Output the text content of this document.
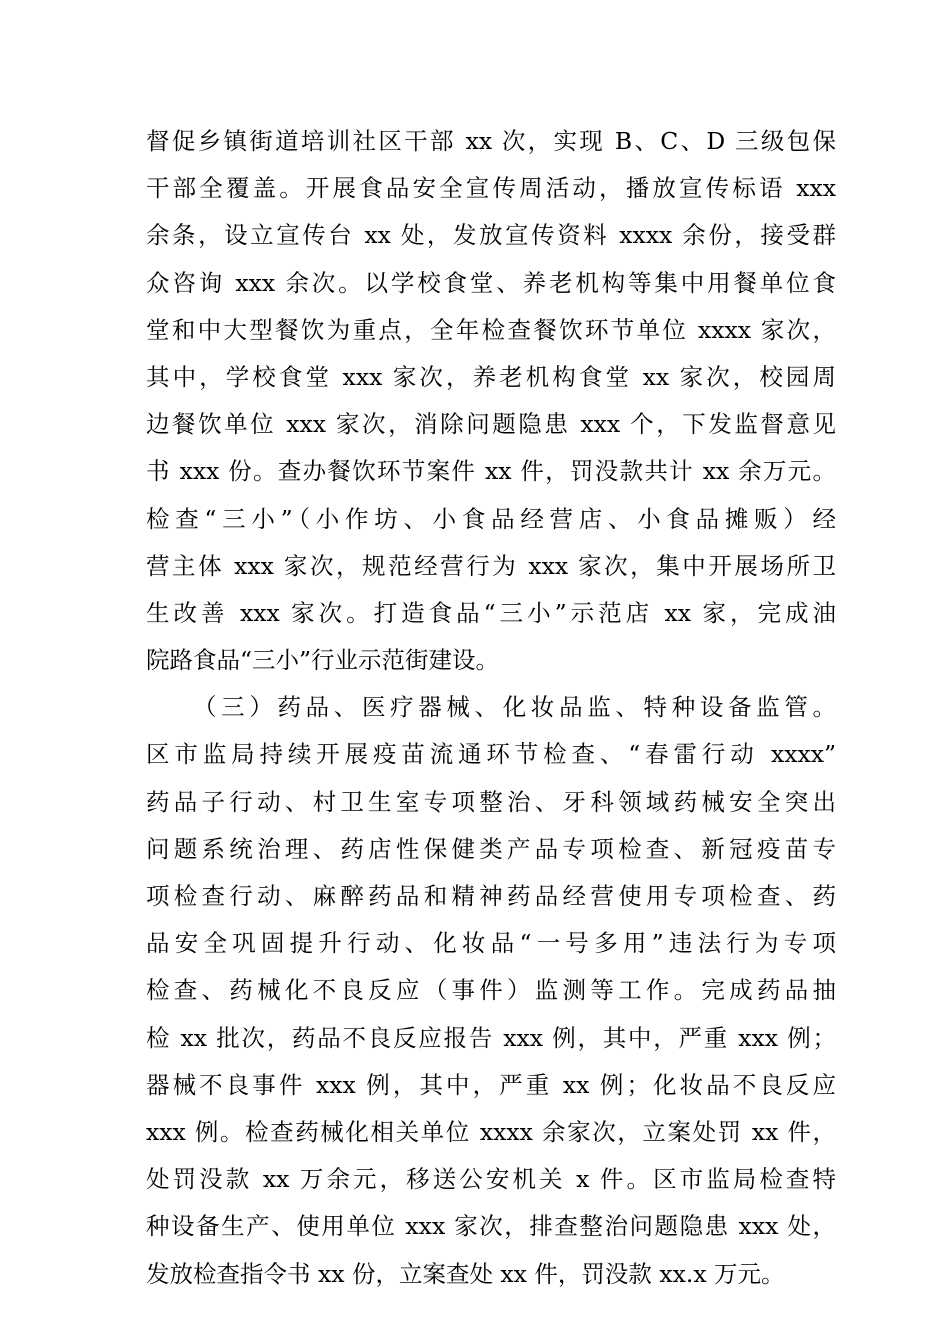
督促乡镇街道培训社区干部 xx 次，实现 B、C、D 三级包保
干部全覆盖。开展食品安全宣传周活动，播放宣传标语 xxx
余条，设立宣传台 xx 处，发放宣传资料 xxxx 余份，接受群
众咨询 xxx 余次。以学校食堂、养老机构等集中用餐单位食
堂和中大型餐饮为重点，全年检查餐饮环节单位 xxxx 家次，
其中，学校食堂 xxx 家次，养老机构食堂 xx 家次，校园周
边餐饮单位 xxx 家次，消除问题隐患 xxx 个，下发监督意见
书 xxx 份。查办餐饮环节案件 xx 件，罚没款共计 xx 余万元。
检查“三小”（小作坊、小食品经营店、小食品摊贩）经
营主体 xxx 家次，规范经营行为 xxx 家次，集中开展场所卫
生改善 xxx 家次。打造食品“三小”示范店 xx 家，完成油
院路食品“三小”行业示范街建设。
（三）药品、医疗器械、化妆品监、特种设备监管。
区市监局持续开展疫苗流通环节检查、“春雷行动 xxxx”
药品子行动、村卫生室专项整治、牙科领域药械安全突出
问题系统治理、药店性保健类产品专项检查、新冠疫苗专
项检查行动、麻醉药品和精神药品经营使用专项检查、药
品安全巩固提升行动、化妆品“一号多用”违法行为专项
检查、药械化不良反应（事件）监测等工作。完成药品抽
检 xx 批次，药品不良反应报告 xxx 例，其中，严重 xxx 例；
器械不良事件 xxx 例，其中，严重 xx 例；化妆品不良反应
xxx 例。检查药械化相关单位 xxxx 余家次，立案处罚 xx 件，
处罚没款 xx 万余元，移送公安机关 x 件。区市监局检查特
种设备生产、使用单位 xxx 家次，排查整治问题隐患 xxx 处，
发放检查指令书 xx 份，立案查处 xx 件，罚没款 xx.x 万元。
